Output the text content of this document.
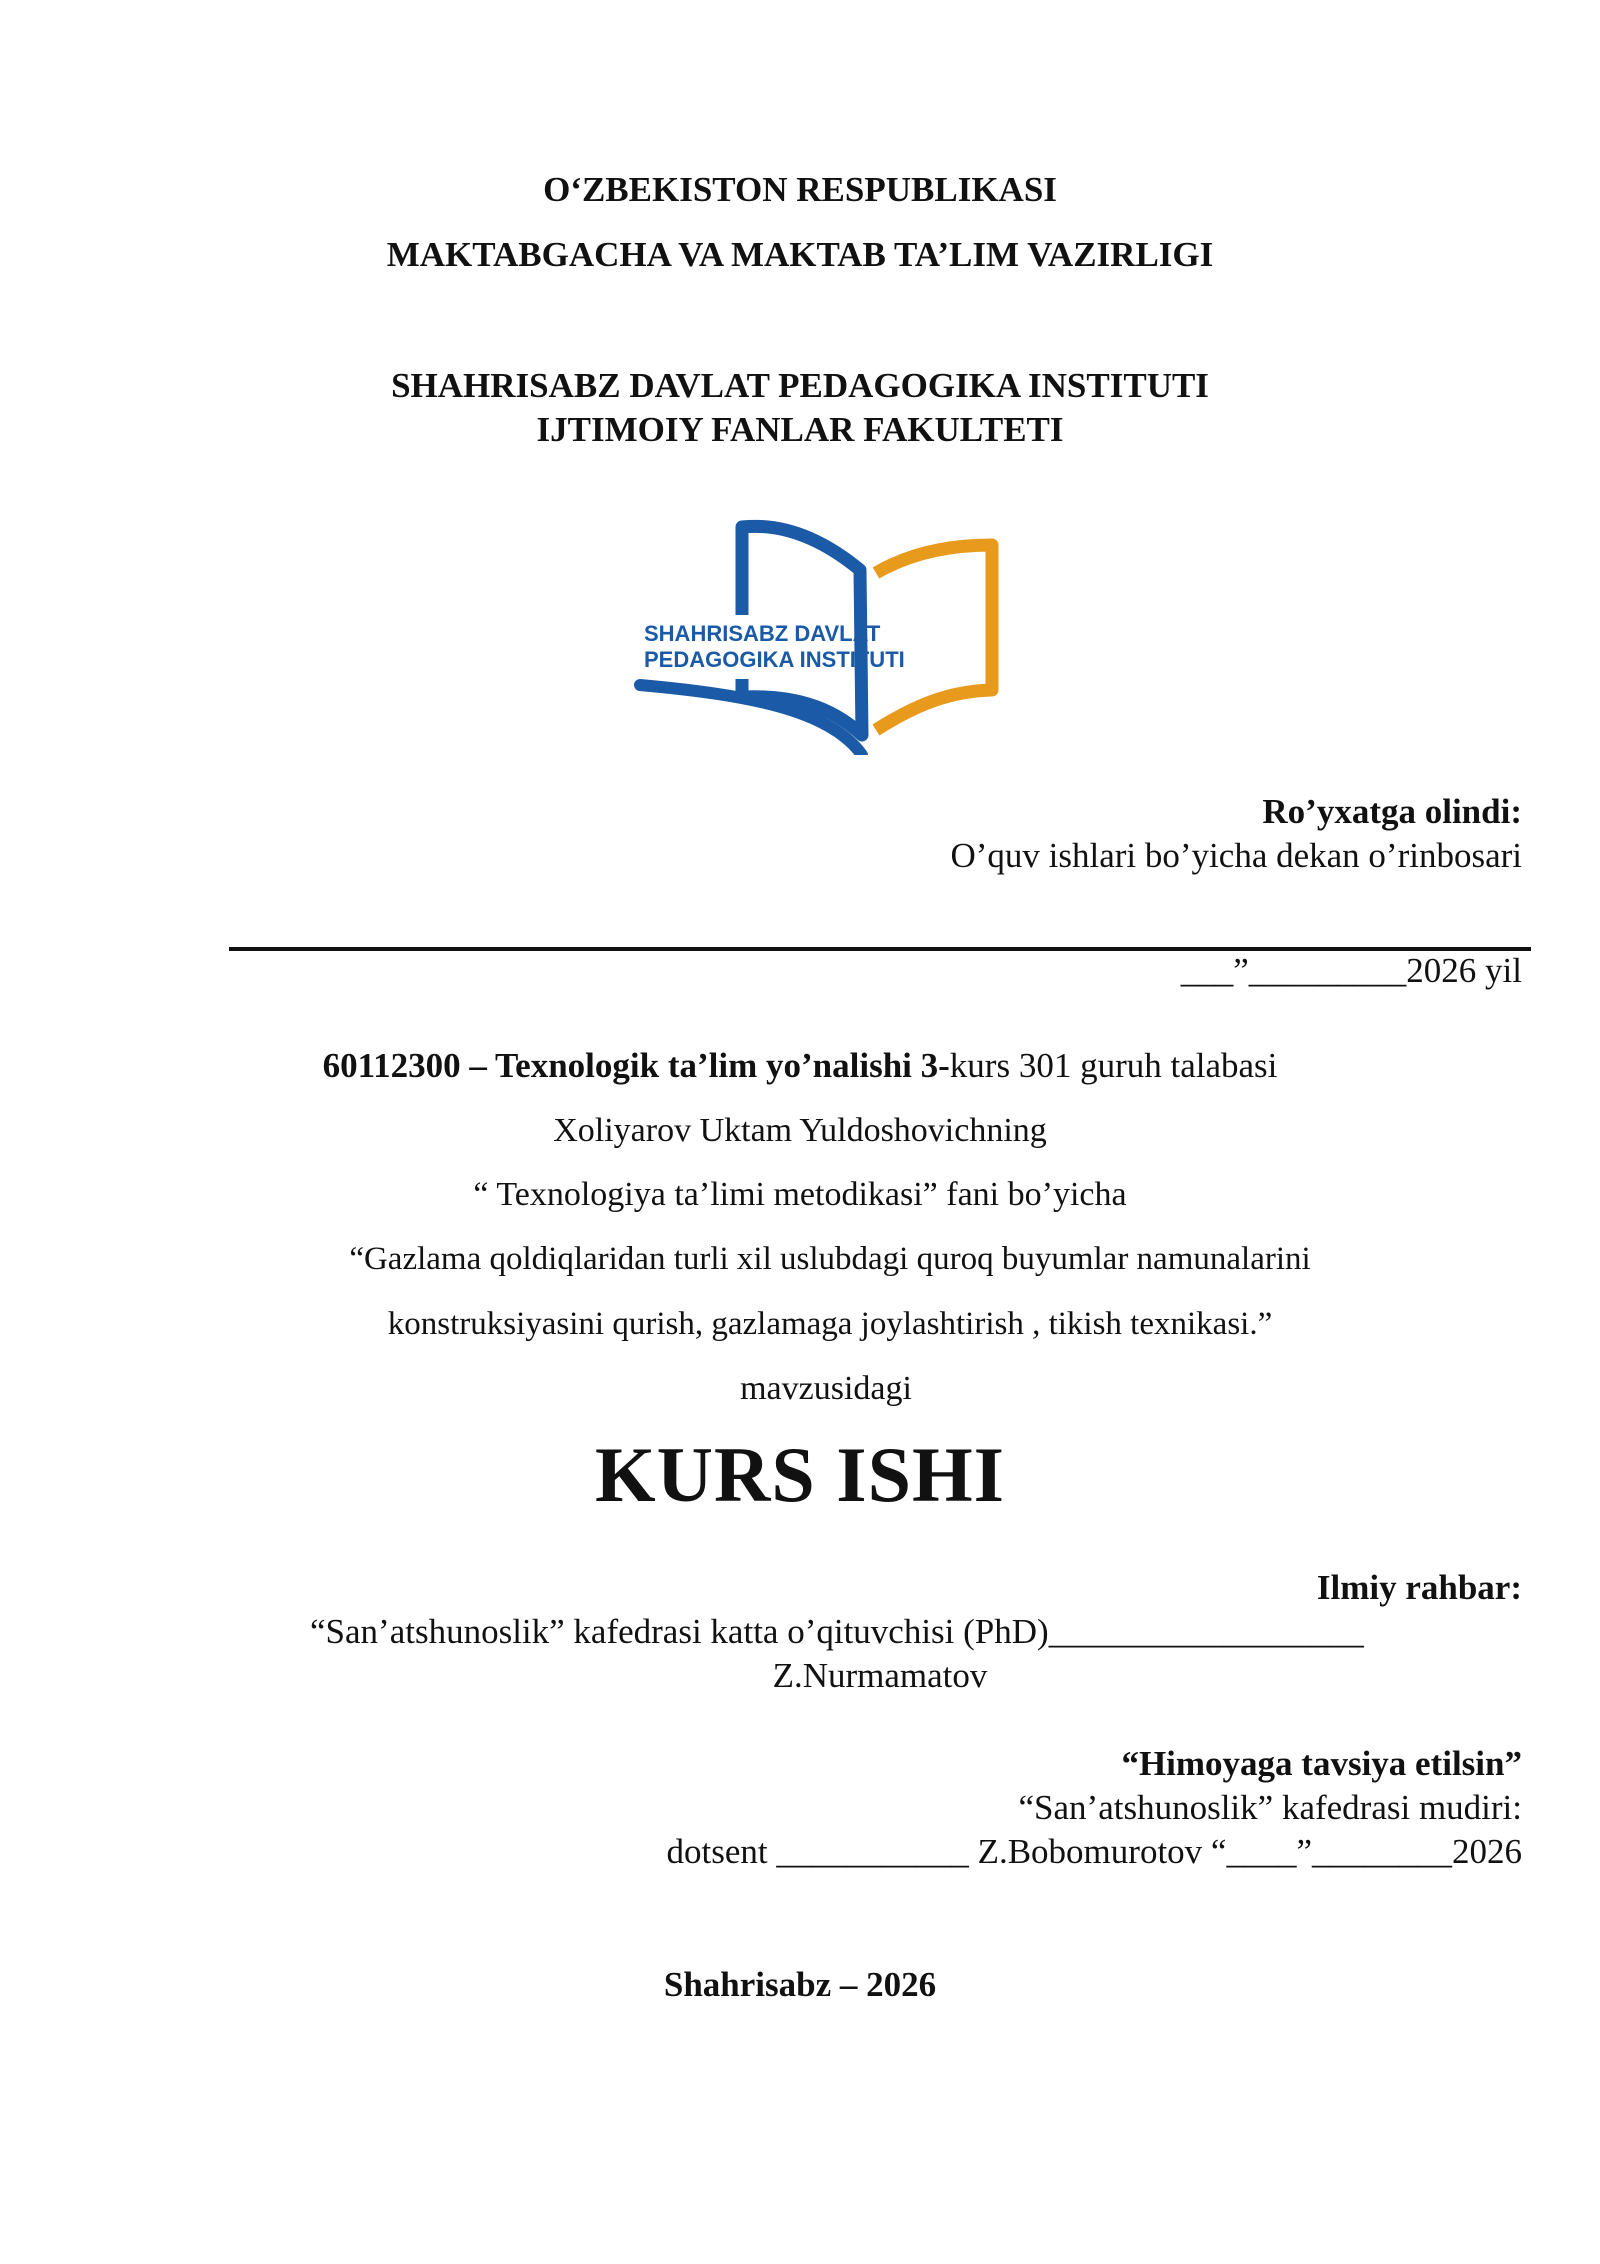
O‘ZBEKISTON RESPUBLIKASI

MAKTABGACHA VA MAKTAB TA’LIM VAZIRLIGI

SHAHRISABZ DAVLAT PEDAGOGIKA INSTITUTI

IJTIMOIY FANLAR FAKULTETI

SHAHRISABZ DAVLAT
PEDAGOGIKA INSTITUTI

Ro’yxatga olindi:

O’quv ishlari bo’yicha dekan o’rinbosari

___”_________2026 yil

60112300 – Texnologik ta’lim yo’nalishi 3-kurs 301 guruh talabasi

Xoliyarov Uktam Yuldoshovichning

“ Texnologiya ta’limi metodikasi” fani bo’yicha

“Gazlama qoldiqlaridan turli xil uslubdagi quroq buyumlar namunalarini

konstruksiyasini qurish, gazlamaga joylashtirish , tikish texnikasi.”

mavzusidagi

KURS ISHI

Ilmiy rahbar:

“San’atshunoslik” kafedrasi katta o’qituvchisi (PhD)__________________

Z.Nurmamatov

“Himoyaga tavsiya etilsin”

“San’atshunoslik” kafedrasi mudiri:

dotsent ___________ Z.Bobomurotov “____”________2026

Shahrisabz – 2026
